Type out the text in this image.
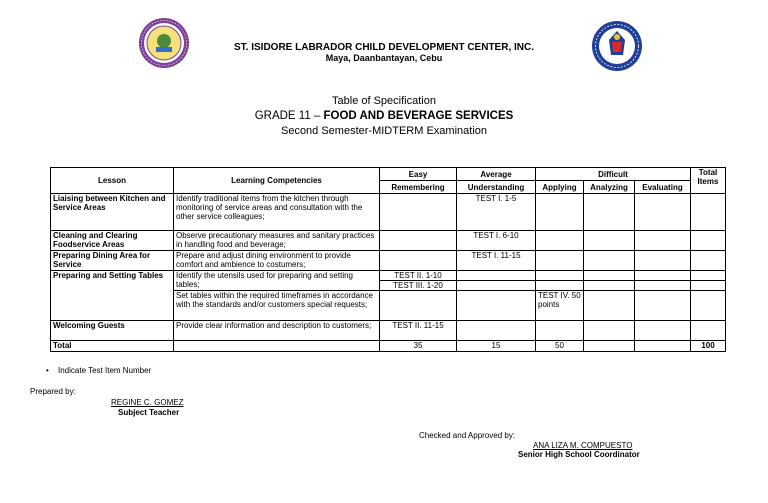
ST. ISIDORE LABRADOR CHILD DEVELOPMENT CENTER, INC.
Maya, Daanbantayan, Cebu
Table of Specification
GRADE 11 – FOOD AND BEVERAGE SERVICES
Second Semester-MIDTERM Examination
Lesson	Learning Competencies	Easy	Average	Difficult			Total Items
		Remembering	Understanding	Applying	Analyzing	Evaluating	
Liaising between Kitchen and Service Areas	Identify traditional items from the kitchen through monitoring of service areas and consultation with the other service colleagues;		TEST I. 1-5				
Cleaning and Clearing Foodservice Areas	Observe precautionary measures and sanitary practices in handling food and beverage;		TEST I. 6-10				
Preparing Dining Area for Service	Prepare and adjust dining environment to provide comfort and ambience to costumers;		TEST I. 11-15				
Preparing and Setting Tables	Identify the utensils used for preparing and setting tables;	TEST II. 1-10					
		TEST III. 1-20					
	Set tables within the required timeframes in accordance with the standards and/or customers special requests;			TEST IV. 50 points			
Welcoming Guests	Provide clear information and description to customers;	TEST II. 11-15					
Total		35	15	50			100
• Indicate Test Item Number
Prepared by:
REGINE C. GOMEZ
Subject Teacher
Checked and Approved by:
ANA LIZA M. COMPUESTO
Senior High School Coordinator
